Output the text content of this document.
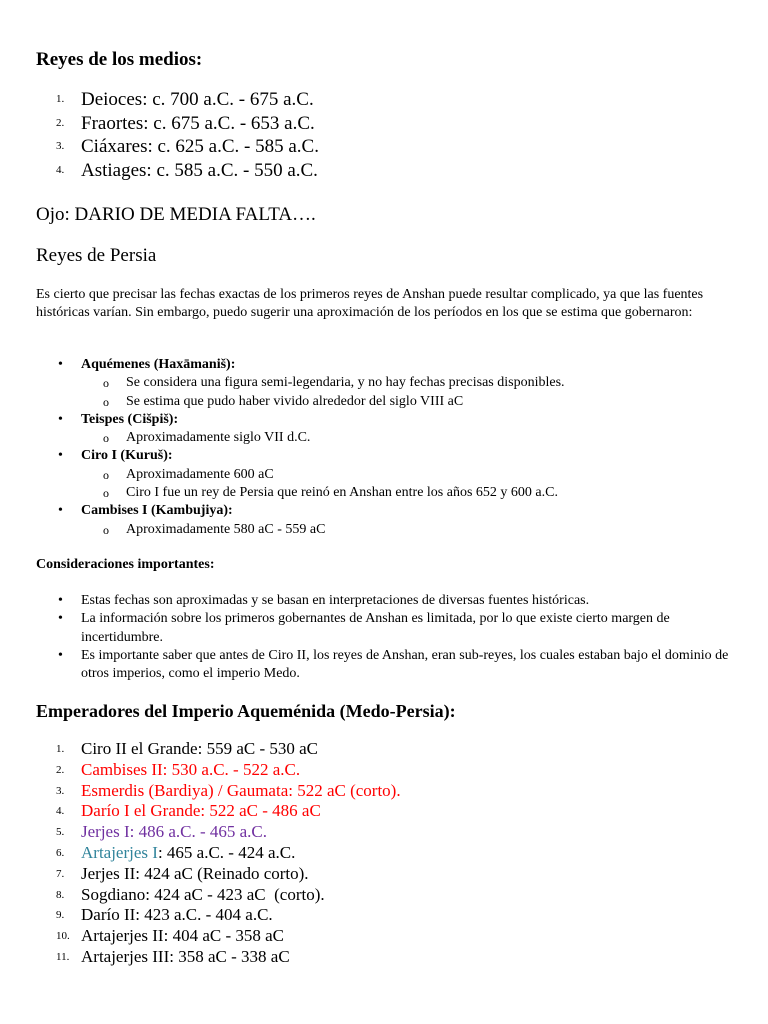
Reyes de los medios:

1. Deioces: c. 700 a.C. - 675 a.C.
2. Fraortes: c. 675 a.C. - 653 a.C.
3. Ciáxares: c. 625 a.C. - 585 a.C.
4. Astiages: c. 585 a.C. - 550 a.C.

Ojo: DARIO DE MEDIA FALTA….

Reyes de Persia

Es cierto que precisar las fechas exactas de los primeros reyes de Anshan puede resultar complicado, ya que las fuentes históricas varían. Sin embargo, puedo sugerir una aproximación de los períodos en los que se estima que gobernaron:

• Aquémenes (Haxāmaniš):
o Se considera una figura semi-legendaria, y no hay fechas precisas disponibles.
o Se estima que pudo haber vivido alrededor del siglo VIII aC
• Teispes (Cišpiš):
o Aproximadamente siglo VII d.C.
• Ciro I (Kuruš):
o Aproximadamente 600 aC
o Ciro I fue un rey de Persia que reinó en Anshan entre los años 652 y 600 a.C.
• Cambises I (Kambujiya):
o Aproximadamente 580 aC - 559 aC

Consideraciones importantes:

• Estas fechas son aproximadas y se basan en interpretaciones de diversas fuentes históricas.
• La información sobre los primeros gobernantes de Anshan es limitada, por lo que existe cierto margen de incertidumbre.
• Es importante saber que antes de Ciro II, los reyes de Anshan, eran sub-reyes, los cuales estaban bajo el dominio de otros imperios, como el imperio Medo.

Emperadores del Imperio Aqueménida (Medo-Persia):

1. Ciro II el Grande: 559 aC - 530 aC
2. Cambises II: 530 a.C. - 522 a.C.
3. Esmerdis (Bardiya) / Gaumata: 522 aC (corto).
4. Darío I el Grande: 522 aC - 486 aC
5. Jerjes I: 486 a.C. - 465 a.C.
6. Artajerjes I: 465 a.C. - 424 a.C.
7. Jerjes II: 424 aC (Reinado corto).
8. Sogdiano: 424 aC - 423 aC  (corto).
9. Darío II: 423 a.C. - 404 a.C.
10. Artajerjes II: 404 aC - 358 aC
11. Artajerjes III: 358 aC - 338 aC
